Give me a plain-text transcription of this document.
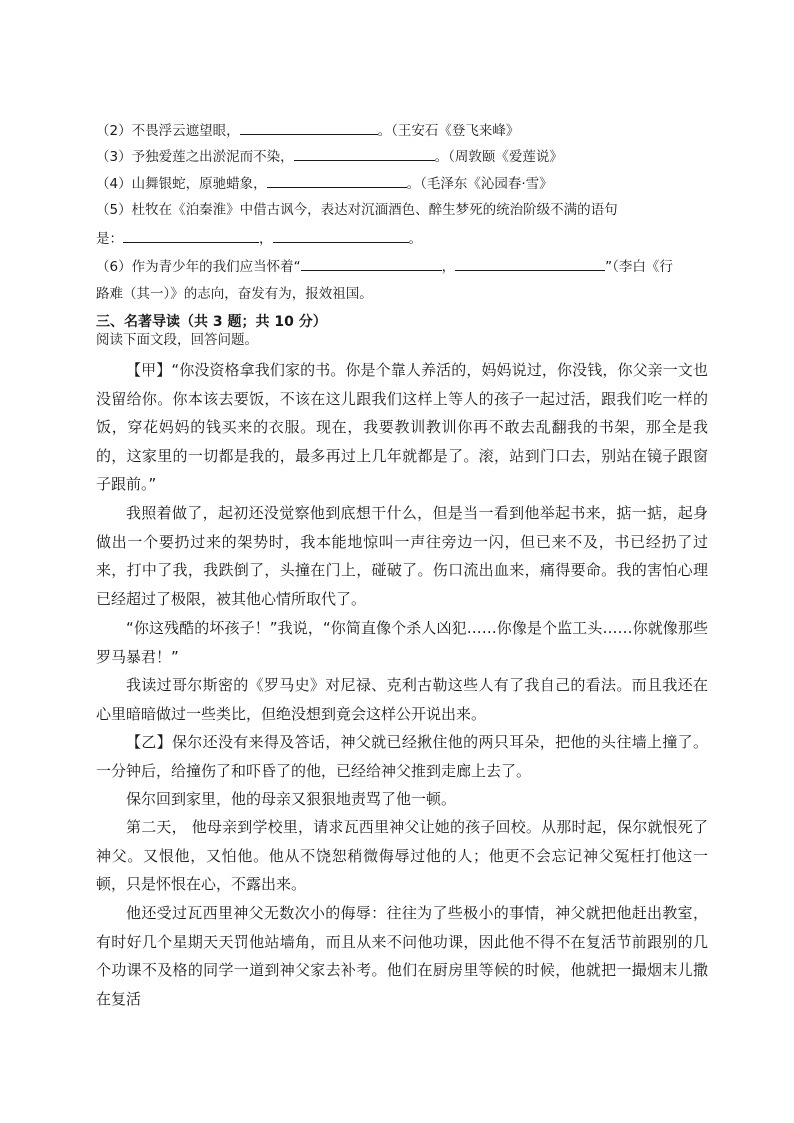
（2）不畏浮云遮望眼，	。（王安石《登飞来峰》
（3）予独爱莲之出淤泥而不染，	。（周敦颐《爱莲说》
（4）山舞银蛇，原驰蜡象，	。（毛泽东《沁园春·雪》
（5）杜牧在《泊秦淮》中借古讽今，表达对沉湎酒色、醉生梦死的统治阶级不满的语句
是：	，	。
（6）作为青少年的我们应当怀着“	，	”（李白《行
路难（其一）》的志向，奋发有为，报效祖国。
三、名著导读（共 3 题；共 10 分）
阅读下面文段，回答问题。
【甲】“你没资格拿我们家的书。你是个靠人养活的，妈妈说过，你没钱，你父亲一文也没留给你。你本该去要饭，不该在这儿跟我们这样上等人的孩子一起过活，跟我们吃一样的饭，穿花妈妈的钱买来的衣服。现在，我要教训教训你再不敢去乱翻我的书架，那全是我的，这家里的一切都是我的，最多再过上几年就都是了。滚，站到门口去，别站在镜子跟窗子跟前。”
我照着做了，起初还没觉察他到底想干什么，但是当一看到他举起书来，掂一掂，起身做出一个要扔过来的架势时，我本能地惊叫一声往旁边一闪，但已来不及，书已经扔了过来，打中了我，我跌倒了，头撞在门上，碰破了。伤口流出血来，痛得要命。我的害怕心理已经超过了极限，被其他心情所取代了。
“你这残酷的坏孩子！”我说，“你简直像个杀人凶犯……你像是个监工头……你就像那些罗马暴君！”
我读过哥尔斯密的《罗马史》对尼禄、克利古勒这些人有了我自己的看法。而且我还在心里暗暗做过一些类比，但绝没想到竟会这样公开说出来。
【乙】保尔还没有来得及答话，神父就已经揪住他的两只耳朵，把他的头往墙上撞了。一分钟后，给撞伤了和吓昏了的他，已经给神父推到走廊上去了。
保尔回到家里，他的母亲又狠狠地责骂了他一顿。
第二天， 他母亲到学校里，请求瓦西里神父让她的孩子回校。从那时起，保尔就恨死了神父。又恨他，又怕他。他从不饶恕稍微侮辱过他的人；他更不会忘记神父冤枉打他这一顿，只是怀恨在心，不露出来。
他还受过瓦西里神父无数次小的侮辱：往往为了些极小的事情，神父就把他赶出教室，有时好几个星期天天罚他站墙角，而且从来不问他功课，因此他不得不在复活节前跟别的几个功课不及格的同学一道到神父家去补考。他们在厨房里等候的时候，他就把一撮烟末儿撒在复活
